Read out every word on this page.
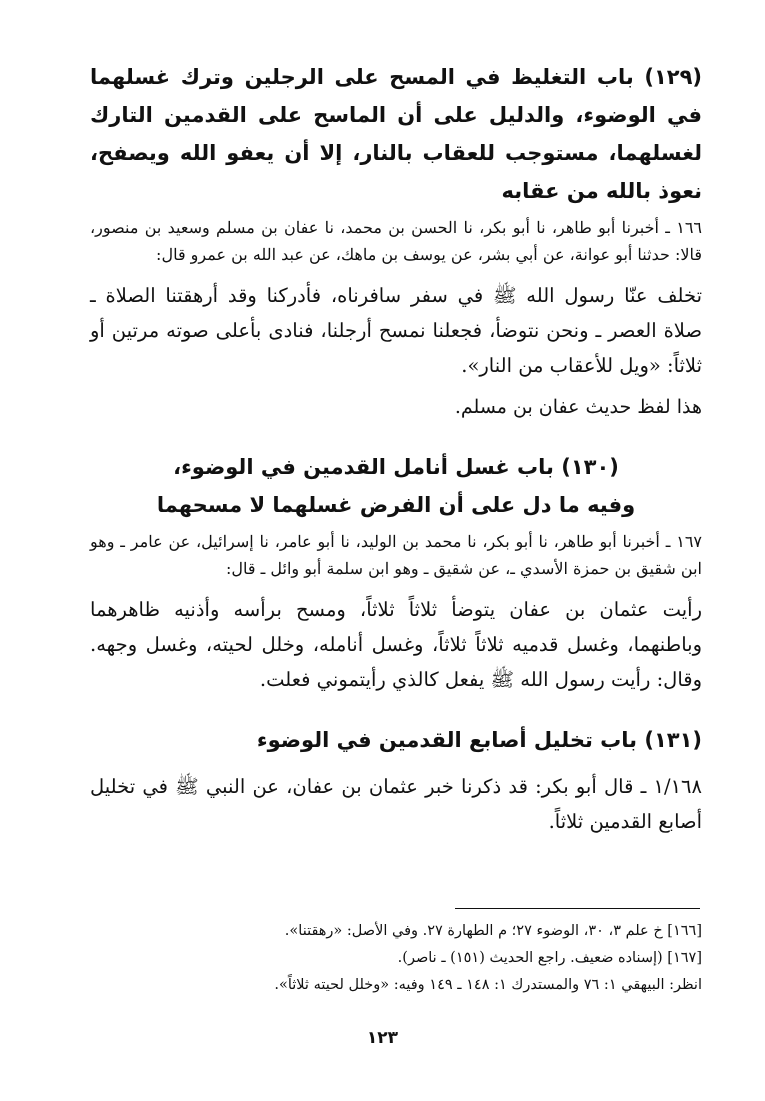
(١٢٩) باب التغليظ في المسح على الرجلين وترك غسلهما في الوضوء، والدليل على أن الماسح على القدمين التارك لغسلهما، مستوجب للعقاب بالنار، إلا أن يعفو الله ويصفح، نعوذ بالله من عقابه

١٦٦ ـ أخبرنا أبو طاهر، نا أبو بكر، نا الحسن بن محمد، نا عفان بن مسلم وسعيد بن منصور، قالا: حدثنا أبو عوانة، عن أبي بشر، عن يوسف بن ماهك، عن عبد الله بن عمرو قال:

تخلف عنّا رسول الله ﷺ في سفر سافرناه، فأدركنا وقد أرهقتنا الصلاة ـ صلاة العصر ـ ونحن نتوضأ، فجعلنا نمسح أرجلنا، فنادى بأعلى صوته مرتين أو ثلاثاً: «ويل للأعقاب من النار».

هذا لفظ حديث عفان بن مسلم.

(١٣٠) باب غسل أنامل القدمين في الوضوء،

وفيه ما دل على أن الفرض غسلهما لا مسحهما

١٦٧ ـ أخبرنا أبو طاهر، نا أبو بكر، نا محمد بن الوليد، نا أبو عامر، نا إسرائيل، عن عامر ـ وهو ابن شقيق بن حمزة الأسدي ـ، عن شقيق ـ وهو ابن سلمة أبو وائل ـ قال:

رأيت عثمان بن عفان يتوضأ ثلاثاً ثلاثاً، ومسح برأسه وأذنيه ظاهرهما وباطنهما، وغسل قدميه ثلاثاً ثلاثاً، وغسل أنامله، وخلل لحيته، وغسل وجهه. وقال: رأيت رسول الله ﷺ يفعل كالذي رأيتموني فعلت.

(١٣١) باب تخليل أصابع القدمين في الوضوء

١/١٦٨ ـ قال أبو بكر: قد ذكرنا خبر عثمان بن عفان، عن النبي ﷺ في تخليل أصابع القدمين ثلاثاً.

[١٦٦] خ علم ٣، ٣٠، الوضوء ٢٧؛ م الطهارة ٢٧. وفي الأصل: «رهقتنا».

[١٦٧] (إسناده ضعيف. راجع الحديث (١٥١) ـ ناصر).

انظر: البيهقي ١: ٧٦ والمستدرك ١: ١٤٨ ـ ١٤٩ وفيه: «وخلل لحيته ثلاثاً».

١٢٣
